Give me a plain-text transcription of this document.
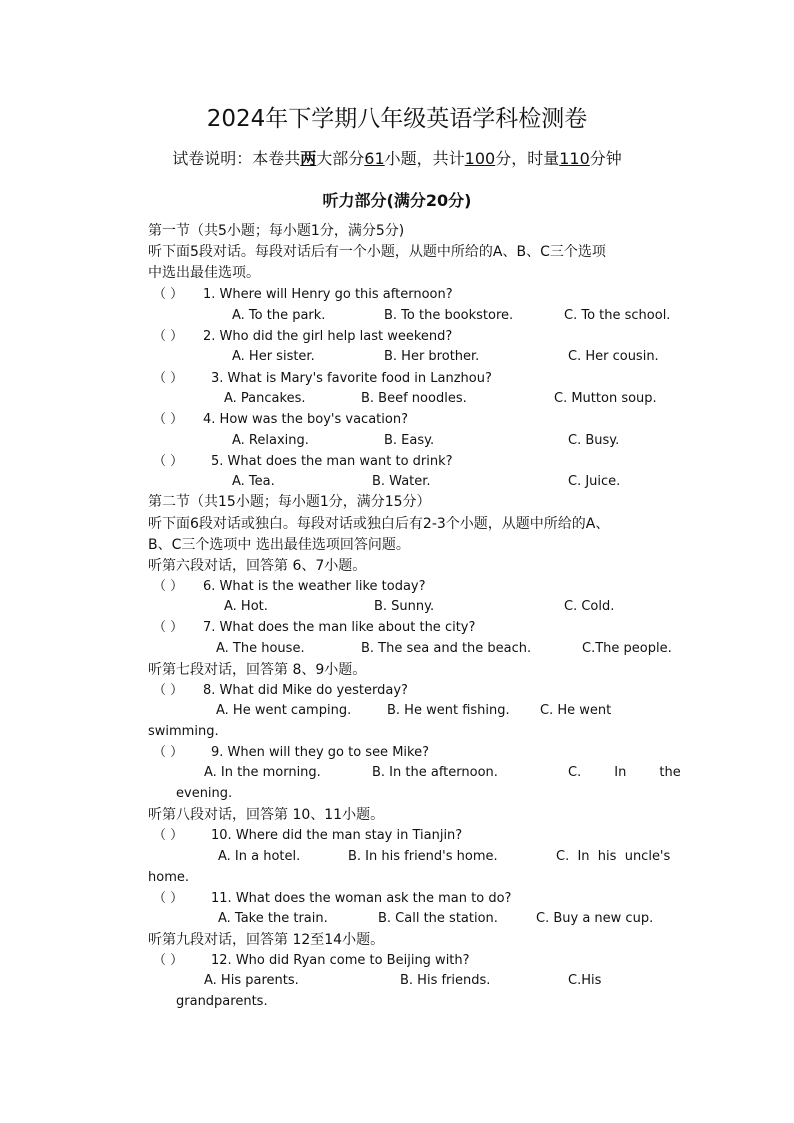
2024年下学期八年级英语学科检测卷
试卷说明：本卷共两大部分61小题，共计100分，时量110分钟
听力部分(满分20分)
第一节（共5小题；每小题1分，满分5分)
听下面5段对话。每段对话后有一个小题，从题中所给的A、B、C三个选项
中选出最佳选项。
（ ） 1. Where will Henry go this afternoon?
A. To the park.	B. To the bookstore.	C. To the school.
（ ） 2. Who did the girl help last weekend?
A. Her sister.	B. Her brother.	C. Her cousin.
（ ） 3. What is Mary's favorite food in Lanzhou?
A. Pancakes.	B. Beef noodles.	C. Mutton soup.
（ ） 4. How was the boy's vacation?
A. Relaxing.	B. Easy.	C. Busy.
（ ） 5. What does the man want to drink?
A. Tea.	B. Water.	C. Juice.
第二节（共15小题；每小题1分，满分15分）
听下面6段对话或独白。每段对话或独白后有2-3个小题，从题中所给的A、
B、C三个选项中 选出最佳选项回答问题。
听第六段对话，回答第 6、7小题。
（ ） 6. What is the weather like today?
A. Hot.	B. Sunny.	C. Cold.
（ ） 7. What does the man like about the city?
A. The house.	B. The sea and the beach.	C.The people.
听第七段对话，回答第 8、9小题。
（ ） 8. What did Mike do yesterday?
A. He went camping.	B. He went fishing. C. He went
swimming.
（ ） 9. When will they go to see Mike?
A. In the morning.	B. In the afternoon.	C.        In        the
evening.
听第八段对话，回答第 10、11小题。
（ ） 10. Where did the man stay in Tianjin?
A. In a hotel.	B. In his friend's home.	C.  In  his  uncle's
home.
（ ） 11. What does the woman ask the man to do?
A. Take the train.	B. Call the station.	C. Buy a new cup.
听第九段对话，回答第 12至14小题。
（ ） 12. Who did Ryan come to Beijing with?
A. His parents.	B. His friends.	C.His
grandparents.
